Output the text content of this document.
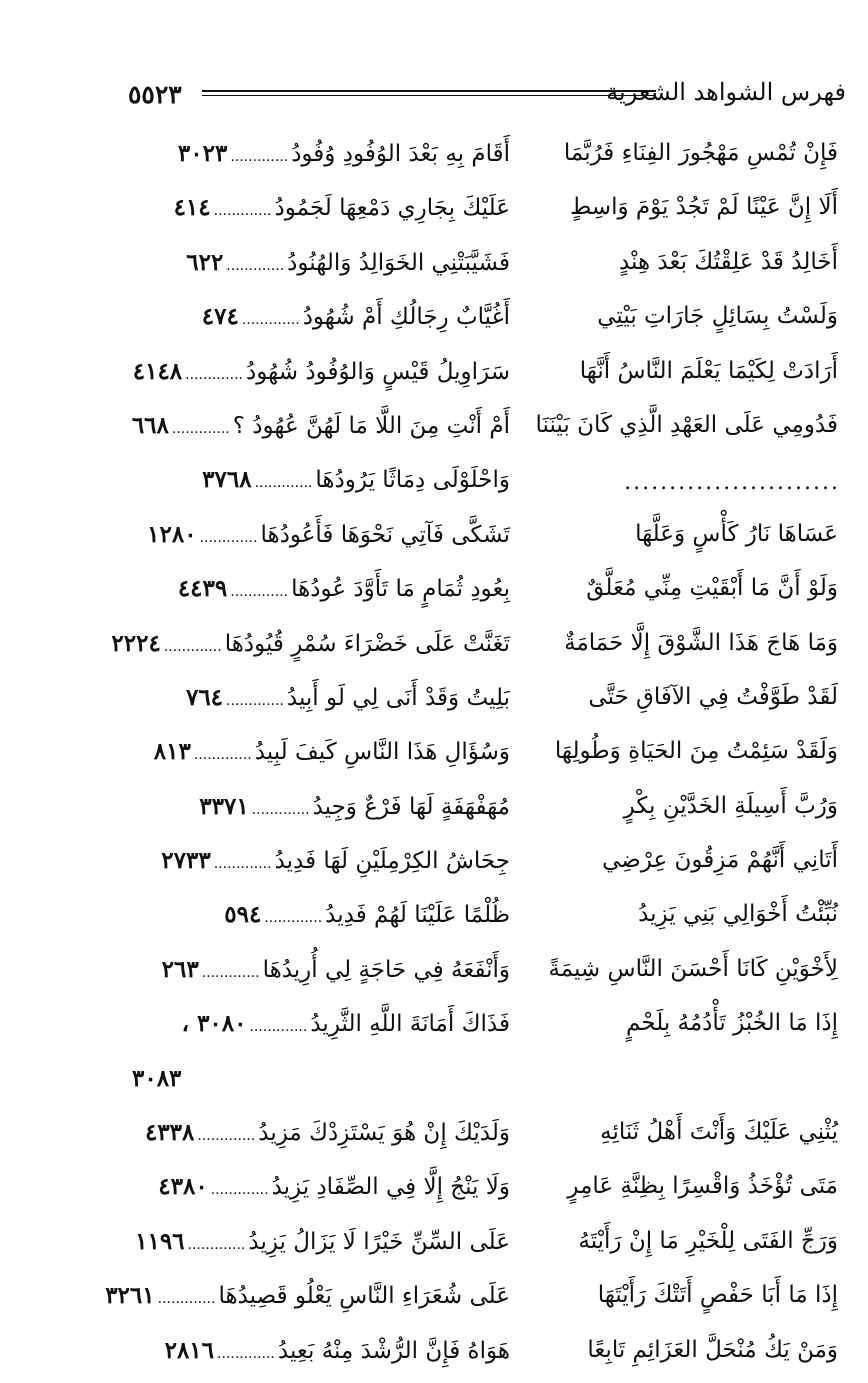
٥٥٢٣	فهرس الشواهد الشعرية
فَإِنْ تُمْسِ مَهْجُورَ الفِنَاءِ فَرُبَّمَا
أَقَامَ بِهِ بَعْدَ الوُفُودِ وُفُودُ.............٣٠٢٣
أَلَا إِنَّ عَيْنًا لَمْ تَجُدْ يَوْمَ وَاسِطٍ
عَلَيْكَ بِجَارِي دَمْعِهَا لَجَمُودُ.............٤١٤
أَخَالِدُ قَدْ عَلِقْتُكَ بَعْدَ هِنْدٍ
فَشَيَّبَتْنِي الخَوَالِدُ وَالهُنُودُ.............٦٢٢
وَلَسْتُ بِسَائِلٍ جَارَاتِ بَيْتِي
أَغُيَّابٌ رِجَالُكِ أَمْ شُهُودُ.............٤٧٤
أَرَادَتْ لِكَيْمَا يَعْلَمَ النَّاسُ أَنَّهَا
سَرَاوِيلُ قَيْسٍ وَالوُفُودُ شُهُودُ.............٤١٤٨
فَدُومِي عَلَى العَهْدِ الَّذِي كَانَ بَيْنَنَا
أَمْ أَنْتِ مِنَ اللَّا مَا لَهُنَّ عُهُودُ ؟.............٦٦٨
........................
وَاحْلَوْلَى دِمَاثًا يَرُودُهَا.............٣٧٦٨
عَسَاهَا نَارُ كَأْسٍ وَعَلَّهَا
تَشَكَّى فَآتِي نَحْوَهَا فَأَعُودُهَا.............١٢٨٠
وَلَوْ أَنَّ مَا أَبْقَيْتِ مِنِّي مُعَلَّقٌ
بِعُودِ ثُمَامٍ مَا تَأَوَّدَ عُودُهَا.............٤٤٣٩
وَمَا هَاجَ هَذَا الشَّوْقَ إِلَّا حَمَامَةٌ
تَغَنَّتْ عَلَى خَضْرَاءَ سُمْرٍ قُيُودُهَا.............٢٢٢٤
لَقَدْ طَوَّفْتُ فِي الآفَاقِ حَتَّى
بَلِيتُ وَقَدْ أَنَى لِي لَو أَبِيدُ.............٧٦٤
وَلَقَدْ سَئِمْتُ مِنَ الحَيَاةِ وَطُولِهَا
وَسُؤَالِ هَذَا النَّاسِ كَيفَ لَبِيدُ.............٨١٣
وَرُبَّ أَسِيلَةِ الخَدَّيْنِ بِكْرٍ
مُهَفْهَفَةٍ لَهَا فَرْعٌ وَجِيدُ.............٣٣٧١
أَتَانِي أَنَّهُمْ مَزِقُونَ عِرْضِي
جِحَاشُ الكِرْمِلَيْنِ لَهَا فَدِيدُ.............٢٧٣٣
نُبِّئْتُ أَخْوَالِي بَنِي يَزِيدُ
ظُلْمًا عَلَيْنَا لَهُمْ فَدِيدُ.............٥٩٤
لِأَخْوَيْنِ كَانَا أَحْسَنَ النَّاسِ شِيمَةً
وَأَنْفَعَهُ فِي حَاجَةٍ لِي أُرِيدُهَا.............٢٦٣
إِذَا مَا الخُبْزُ تَأْدُمُهُ بِلَحْمٍ
فَذَاكَ أَمَانَةَ اللَّهِ الثَّرِيدُ.............٣٠٨٠ ،
٣٠٨٣
يُثْنِي عَلَيْكَ وَأَنْتَ أَهْلُ ثَنَائِهِ
وَلَدَيْكَ إِنْ هُوَ يَسْتَزِدْكَ مَزِيدُ.............٤٣٣٨
مَتَى تُؤْخَذُ وَاقْسِرًا بِظِنَّةِ عَامِرٍ
وَلَا يَنْجُ إِلَّا فِي الصِّفَادِ يَزِيدُ.............٤٣٨٠
وَرَجِّ الفَتَى لِلْخَيْرِ مَا إِنْ رَأَيْتَهُ
عَلَى السِّنِّ خَيْرًا لَا يَزَالُ يَزِيدُ.............١١٩٦
إِذَا مَا أَبَا حَفْصٍ أَتَتْكَ رَأَيْتَهَا
عَلَى شُعَرَاءِ النَّاسِ يَعْلُو قَصِيدُهَا.............٣٢٦١
وَمَنْ يَكُ مُنْحَلَّ العَزَائِمِ تَابِعًا
هَوَاهُ فَإِنَّ الرُّشْدَ مِنْهُ بَعِيدُ.............٢٨١٦
